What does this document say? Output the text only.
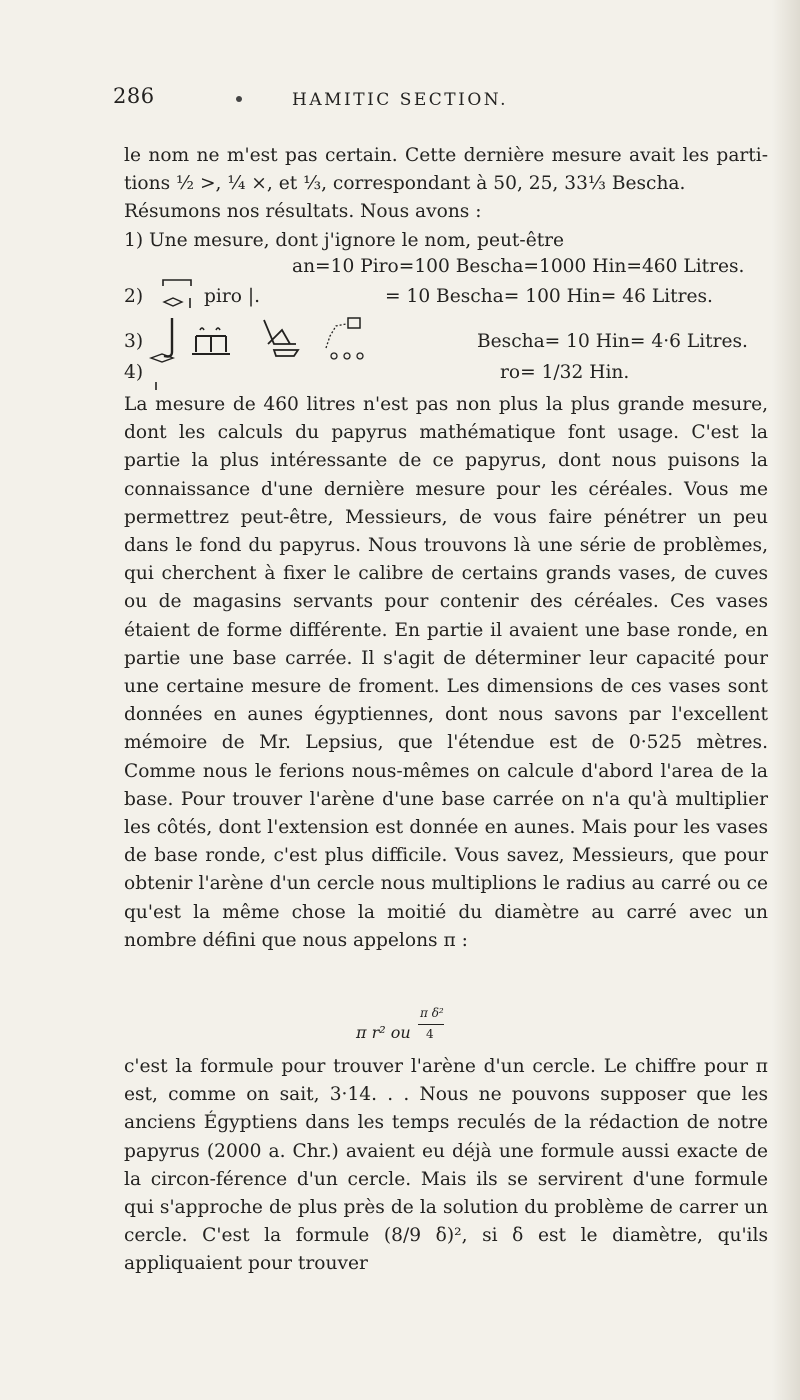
286	HAMITIC SECTION.
le nom ne m'est pas certain. Cette dernière mesure avait les parti-
tions ½ >, ¼ ×, et ⅓, correspondant à 50, 25, 33⅓ Bescha.
Résumons nos résultats. Nous avons :
1) Une mesure, dont j'ignore le nom, peut-être
an=10 Piro=100 Bescha=1000 Hin=460 Litres.
2)	piro |.	= 10 Bescha= 100 Hin= 46 Litres.
3)	Bescha= 10 Hin= 4·6 Litres.
4)	ro= 1/32 Hin.
La mesure de 460 litres n'est pas non plus la plus grande mesure, dont les calculs du papyrus mathématique font usage. C'est la partie la plus intéressante de ce papyrus, dont nous puisons la connaissance d'une dernière mesure pour les céréales. Vous me permettrez peut-être, Messieurs, de vous faire pénétrer un peu dans le fond du papyrus. Nous trouvons là une série de problèmes, qui cherchent à fixer le calibre de certains grands vases, de cuves ou de magasins servants pour contenir des céréales. Ces vases étaient de forme différente. En partie il avaient une base ronde, en partie une base carrée. Il s'agit de déterminer leur capacité pour une certaine mesure de froment. Les dimensions de ces vases sont données en aunes égyptiennes, dont nous savons par l'excellent mémoire de Mr. Lepsius, que l'étendue est de 0·525 mètres. Comme nous le ferions nous-mêmes on calcule d'abord l'area de la base. Pour trouver l'arène d'une base carrée on n'a qu'à multiplier les côtés, dont l'extension est donnée en aunes. Mais pour les vases de base ronde, c'est plus difficile. Vous savez, Messieurs, que pour obtenir l'arène d'un cercle nous multiplions le radius au carré ou ce qu'est la même chose la moitié du diamètre au carré avec un nombre défini que nous appelons π :
π r² ou
π δ²
4
c'est la formule pour trouver l'arène d'un cercle. Le chiffre pour π est, comme on sait, 3·14. . . Nous ne pouvons supposer que les anciens Égyptiens dans les temps reculés de la rédaction de notre papyrus (2000 a. Chr.) avaient eu déjà une formule aussi exacte de la circon-férence d'un cercle. Mais ils se servirent d'une formule qui s'approche de plus près de la solution du problème de carrer un cercle. C'est la formule (8/9 δ)², si δ est le diamètre, qu'ils appliquaient pour trouver
